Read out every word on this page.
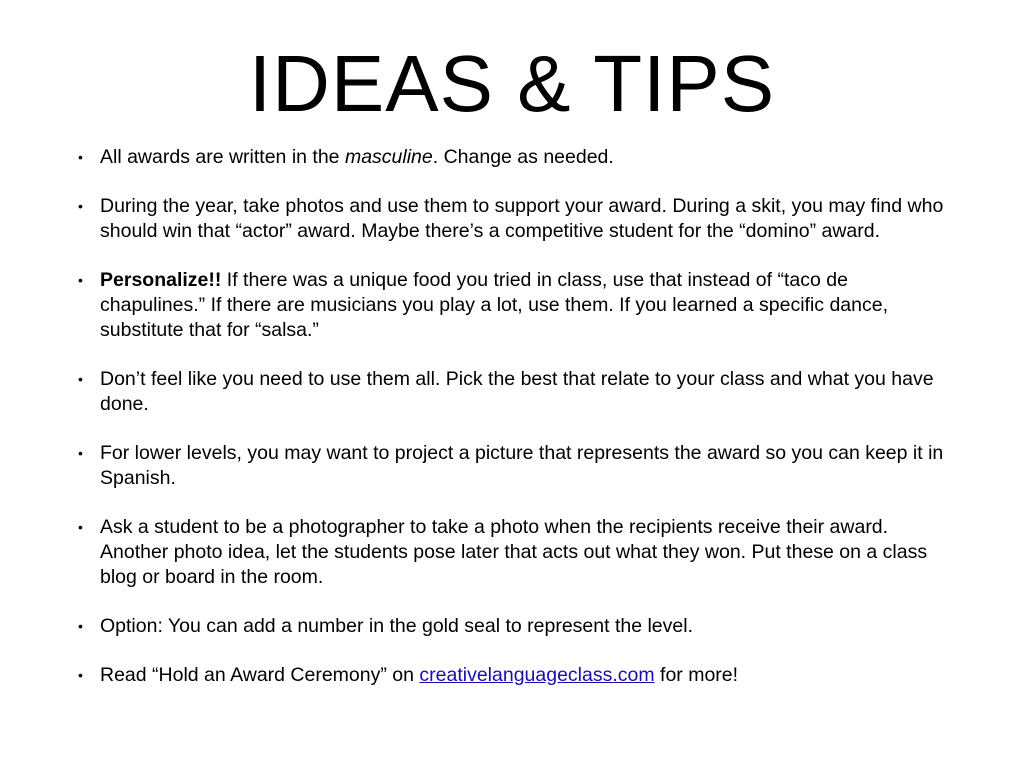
IDEAS & TIPS
• All awards are written in the masculine. Change as needed.
• During the year, take photos and use them to support your award. During a skit, you may find who should win that “actor” award. Maybe there’s a competitive student for the “domino” award.
• Personalize!! If there was a unique food you tried in class, use that instead of “taco de chapulines.” If there are musicians you play a lot, use them. If you learned a specific dance, substitute that for “salsa.”
• Don’t feel like you need to use them all. Pick the best that relate to your class and what you have done.
• For lower levels, you may want to project a picture that represents the award so you can keep it in Spanish.
• Ask a student to be a photographer to take a photo when the recipients receive their award. Another photo idea, let the students pose later that acts out what they won. Put these on a class blog or board in the room.
• Option: You can add a number in the gold seal to represent the level.
• Read “Hold an Award Ceremony” on creativelanguageclass.com for more!
